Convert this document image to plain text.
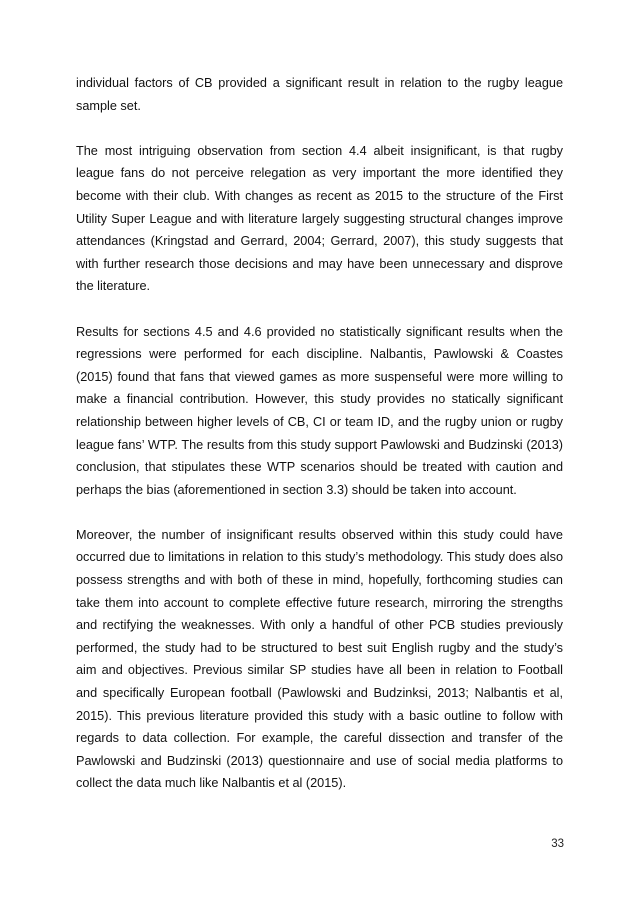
individual factors of CB provided a significant result in relation to the rugby league sample set.

The most intriguing observation from section 4.4 albeit insignificant, is that rugby league fans do not perceive relegation as very important the more identified they become with their club. With changes as recent as 2015 to the structure of the First Utility Super League and with literature largely suggesting structural changes improve attendances (Kringstad and Gerrard, 2004; Gerrard, 2007), this study suggests that with further research those decisions and may have been unnecessary and disprove the literature.

Results for sections 4.5 and 4.6 provided no statistically significant results when the regressions were performed for each discipline. Nalbantis, Pawlowski & Coastes (2015) found that fans that viewed games as more suspenseful were more willing to make a financial contribution. However, this study provides no statically significant relationship between higher levels of CB, CI or team ID, and the rugby union or rugby league fans’ WTP. The results from this study support Pawlowski and Budzinski (2013) conclusion, that stipulates these WTP scenarios should be treated with caution and perhaps the bias (aforementioned in section 3.3) should be taken into account.

Moreover, the number of insignificant results observed within this study could have occurred due to limitations in relation to this study’s methodology. This study does also possess strengths and with both of these in mind, hopefully, forthcoming studies can take them into account to complete effective future research, mirroring the strengths and rectifying the weaknesses. With only a handful of other PCB studies previously performed, the study had to be structured to best suit English rugby and the study’s aim and objectives. Previous similar SP studies have all been in relation to Football and specifically European football (Pawlowski and Budzinksi, 2013; Nalbantis et al, 2015). This previous literature provided this study with a basic outline to follow with regards to data collection. For example, the careful dissection and transfer of the Pawlowski and Budzinski (2013) questionnaire and use of social media platforms to collect the data much like Nalbantis et al (2015).

33
